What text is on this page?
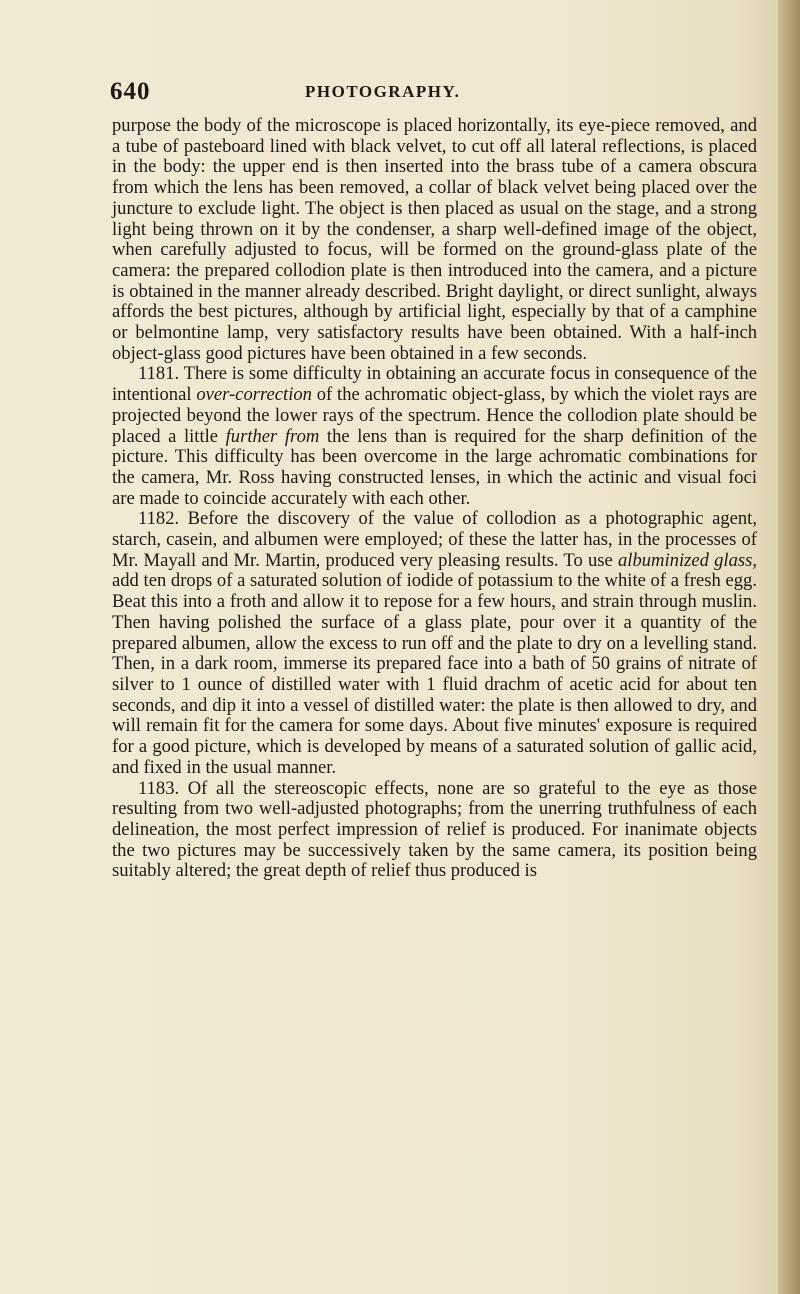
640	PHOTOGRAPHY.

purpose the body of the microscope is placed horizontally, its eye-piece removed, and a tube of pasteboard lined with black velvet, to cut off all lateral reflections, is placed in the body: the upper end is then inserted into the brass tube of a camera obscura from which the lens has been removed, a collar of black velvet being placed over the juncture to exclude light. The object is then placed as usual on the stage, and a strong light being thrown on it by the condenser, a sharp well-defined image of the object, when carefully adjusted to focus, will be formed on the ground-glass plate of the camera: the prepared collodion plate is then introduced into the camera, and a picture is obtained in the manner already described. Bright daylight, or direct sunlight, always affords the best pictures, although by artificial light, especially by that of a camphine or belmontine lamp, very satisfactory results have been obtained. With a half-inch object-glass good pictures have been obtained in a few seconds.

1181. There is some difficulty in obtaining an accurate focus in consequence of the intentional over-correction of the achromatic object-glass, by which the violet rays are projected beyond the lower rays of the spectrum. Hence the collodion plate should be placed a little further from the lens than is required for the sharp definition of the picture. This difficulty has been overcome in the large achromatic combinations for the camera, Mr. Ross having constructed lenses, in which the actinic and visual foci are made to coincide accurately with each other.

1182. Before the discovery of the value of collodion as a photographic agent, starch, casein, and albumen were employed; of these the latter has, in the processes of Mr. Mayall and Mr. Martin, produced very pleasing results. To use albuminized glass, add ten drops of a saturated solution of iodide of potassium to the white of a fresh egg. Beat this into a froth and allow it to repose for a few hours, and strain through muslin. Then having polished the surface of a glass plate, pour over it a quantity of the prepared albumen, allow the excess to run off and the plate to dry on a levelling stand. Then, in a dark room, immerse its prepared face into a bath of 50 grains of nitrate of silver to 1 ounce of distilled water with 1 fluid drachm of acetic acid for about ten seconds, and dip it into a vessel of distilled water: the plate is then allowed to dry, and will remain fit for the camera for some days. About five minutes' exposure is required for a good picture, which is developed by means of a saturated solution of gallic acid, and fixed in the usual manner.

1183. Of all the stereoscopic effects, none are so grateful to the eye as those resulting from two well-adjusted photographs; from the unerring truthfulness of each delineation, the most perfect impression of relief is produced. For inanimate objects the two pictures may be successively taken by the same camera, its position being suitably altered; the great depth of relief thus produced is
